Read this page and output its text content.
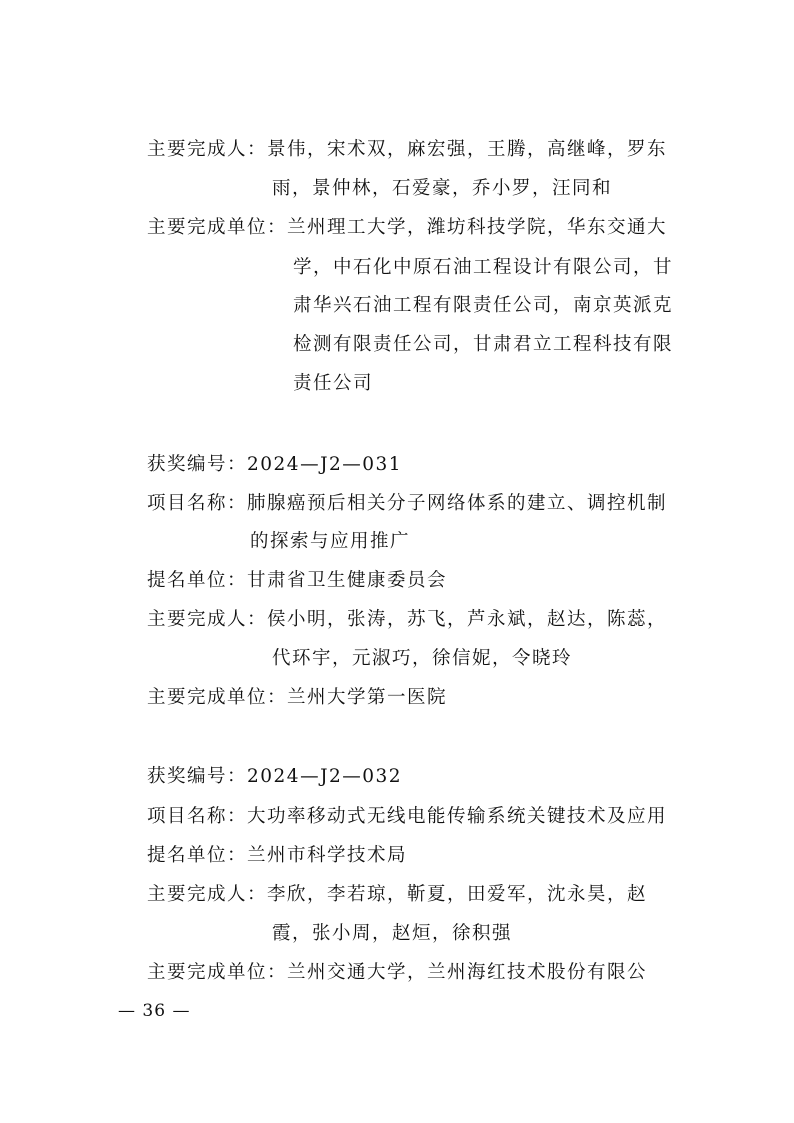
主要完成人：景伟，宋术双，麻宏强，王腾，高继峰，罗东
雨，景仲林，石爱豪，乔小罗，汪同和
主要完成单位：兰州理工大学，潍坊科技学院，华东交通大
学，中石化中原石油工程设计有限公司，甘
肃华兴石油工程有限责任公司，南京英派克
检测有限责任公司，甘肃君立工程科技有限
责任公司
获奖编号：2024—J2—031
项目名称：肺腺癌预后相关分子网络体系的建立、调控机制
的探索与应用推广
提名单位：甘肃省卫生健康委员会
主要完成人：侯小明，张涛，苏飞，芦永斌，赵达，陈蕊，
代环宇，元淑巧，徐信妮，令晓玲
主要完成单位：兰州大学第一医院
获奖编号：2024—J2—032
项目名称：大功率移动式无线电能传输系统关键技术及应用
提名单位：兰州市科学技术局
主要完成人：李欣，李若琼，靳夏，田爱军，沈永昊，赵
霞，张小周，赵烜，徐积强
主要完成单位：兰州交通大学，兰州海红技术股份有限公
— 36 —
